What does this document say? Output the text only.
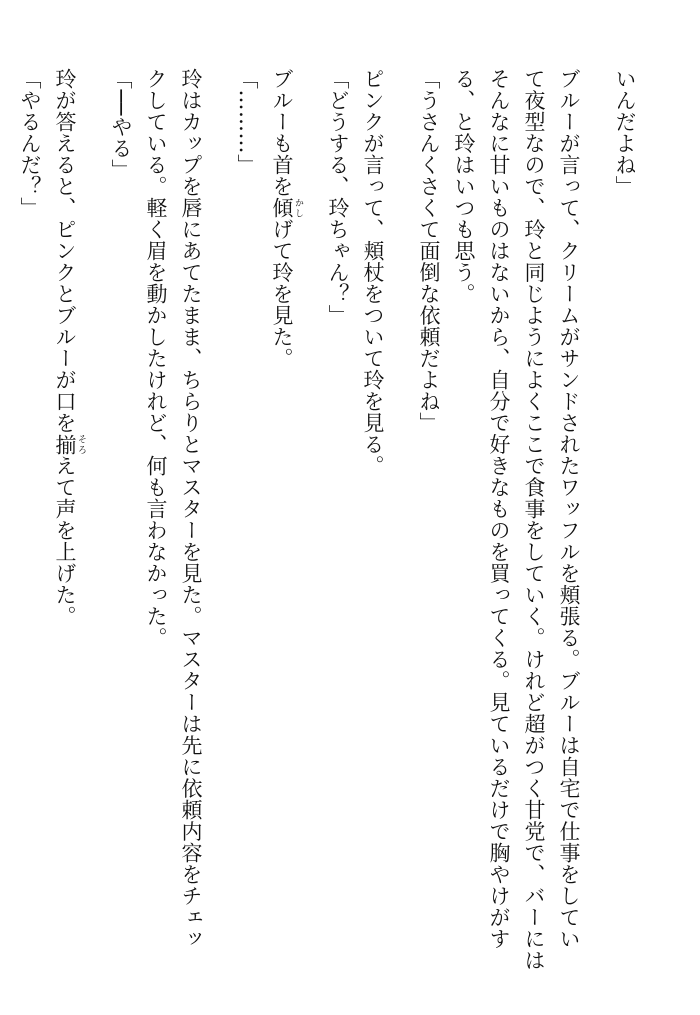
いんだよね」
ブルーが言って、クリームがサンドされたワッフルを頬張る。ブルーは自宅で仕事をしてい
て夜型なので、玲と同じようによくここで食事をしていく。けれど超がつく甘党で、バーには
そんなに甘いものはないから、自分で好きなものを買ってくる。見ているだけで胸やけがす
る、と玲はいつも思う。
「うさんくさくて面倒な依頼だよね」
ピンクが言って、頬杖をついて玲を見る。
「どうする、玲ちゃん？」
ブルーも首を傾 かしげて玲を見た。
「………」
玲はカップを唇にあてたまま、ちらりとマスターを見た。マスターは先に依頼内容をチェッ
クしている。軽く眉を動かしたけれど、何も言わなかった。
「──やる」
玲が答えると、ピンクとブルーが口を揃 そろえて声を上げた。
「やるんだ？」
